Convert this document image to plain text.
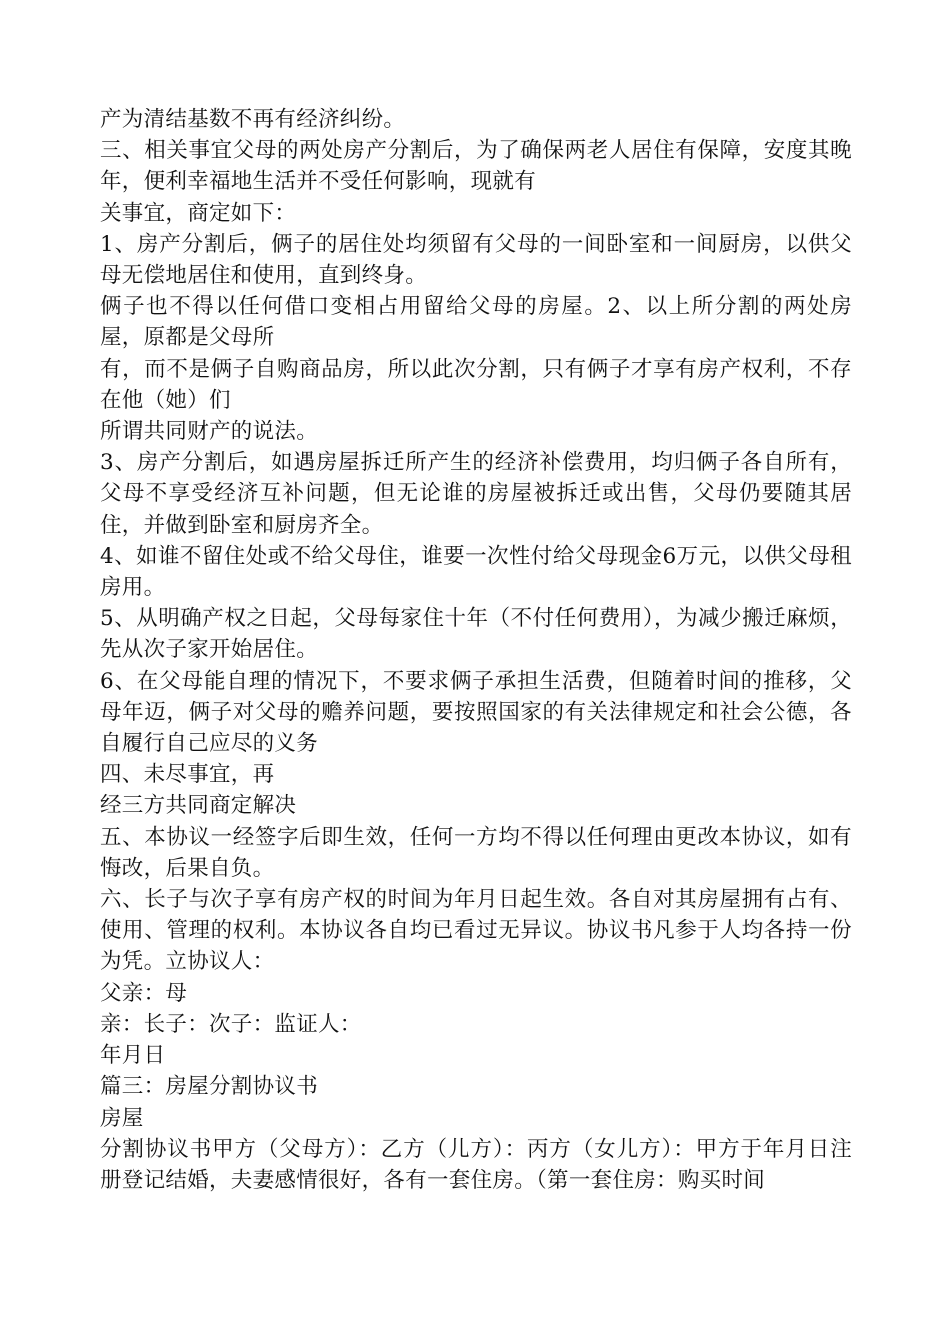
产为清结基数不再有经济纠纷。

三、相关事宜父母的两处房产分割后，为了确保两老人居住有保障，安度其晚年，便利幸福地生活并不受任何影响，现就有

关事宜，商定如下：

1、房产分割后，俩子的居住处均须留有父母的一间卧室和一间厨房，以供父母无偿地居住和使用，直到终身。

俩子也不得以任何借口变相占用留给父母的房屋。2、以上所分割的两处房屋，原都是父母所

有，而不是俩子自购商品房，所以此次分割，只有俩子才享有房产权利，不存在他（她）们

所谓共同财产的说法。

3、房产分割后，如遇房屋拆迁所产生的经济补偿费用，均归俩子各自所有，父母不享受经济互补问题，但无论谁的房屋被拆迁或出售，父母仍要随其居住，并做到卧室和厨房齐全。

4、如谁不留住处或不给父母住，谁要一次性付给父母现金6万元，以供父母租房用。

5、从明确产权之日起，父母每家住十年（不付任何费用），为减少搬迁麻烦，先从次子家开始居住。

6、在父母能自理的情况下，不要求俩子承担生活费，但随着时间的推移，父母年迈，俩子对父母的赡养问题，要按照国家的有关法律规定和社会公德，各自履行自己应尽的义务

四、未尽事宜，再

经三方共同商定解决

五、本协议一经签字后即生效，任何一方均不得以任何理由更改本协议，如有悔改，后果自负。

六、长子与次子享有房产权的时间为年月日起生效。各自对其房屋拥有占有、使用、管理的权利。本协议各自均已看过无异议。协议书凡参于人均各持一份为凭。立协议人：

父亲：母

亲：长子：次子：监证人：

年月日

篇三：房屋分割协议书

房屋

分割协议书甲方（父母方）：乙方（儿方）：丙方（女儿方）：甲方于年月日注册登记结婚，夫妻感情很好，各有一套住房。（第一套住房：购买时间
